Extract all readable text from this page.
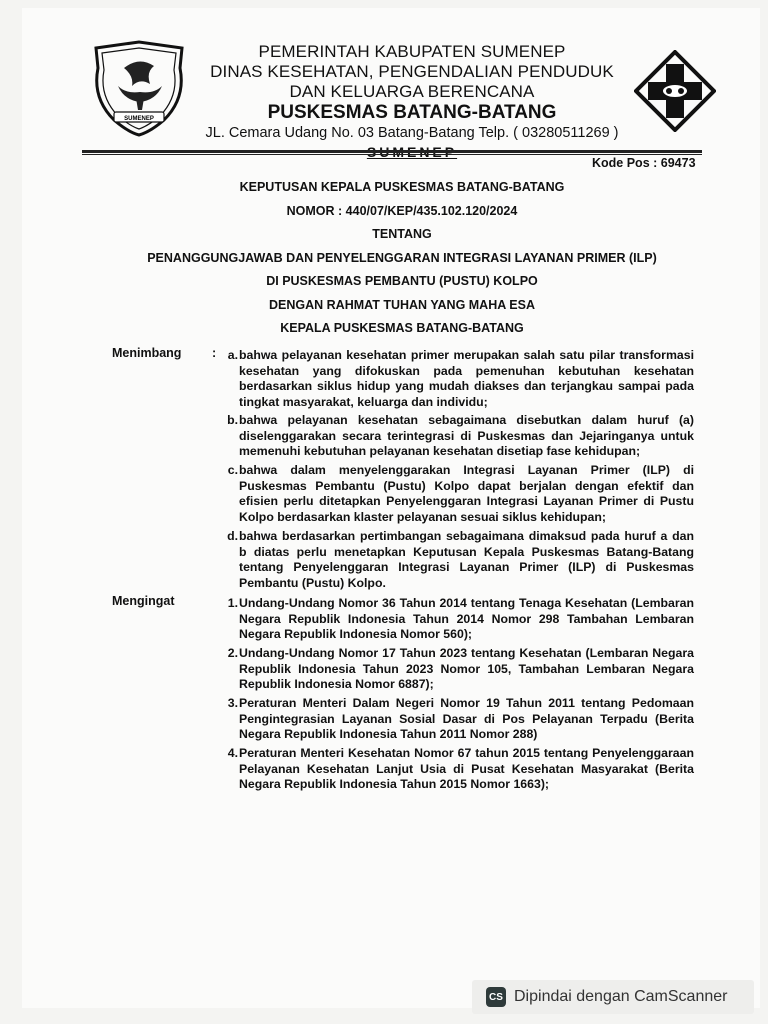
SUMENEP
PEMERINTAH KABUPATEN SUMENEP
DINAS KESEHATAN, PENGENDALIAN PENDUDUK
DAN KELUARGA BERENCANA
PUSKESMAS BATANG-BATANG
JL. Cemara Udang No. 03 Batang-Batang Telp. ( 03280511269 )
SUMENEP
Kode Pos : 69473
KEPUTUSAN KEPALA PUSKESMAS BATANG-BATANG
NOMOR : 440/07/KEP/435.102.120/2024
TENTANG
PENANGGUNGJAWAB DAN PENYELENGGARAN INTEGRASI LAYANAN PRIMER (ILP)
DI PUSKESMAS PEMBANTU (PUSTU) KOLPO
DENGAN RAHMAT TUHAN YANG MAHA ESA
KEPALA PUSKESMAS BATANG-BATANG
Menimbang : a. bahwa pelayanan kesehatan primer merupakan salah satu pilar transformasi kesehatan yang difokuskan pada pemenuhan kebutuhan kesehatan berdasarkan siklus hidup yang mudah diakses dan terjangkau sampai pada tingkat masyarakat, keluarga dan individu;
b. bahwa pelayanan kesehatan sebagaimana disebutkan dalam huruf (a) diselenggarakan secara terintegrasi di Puskesmas dan Jejaringanya untuk memenuhi kebutuhan pelayanan kesehatan disetiap fase kehidupan;
c. bahwa dalam menyelenggarakan Integrasi Layanan Primer (ILP) di Puskesmas Pembantu (Pustu) Kolpo dapat berjalan dengan efektif dan efisien perlu ditetapkan Penyelenggaran Integrasi Layanan Primer di Pustu Kolpo berdasarkan klaster pelayanan sesuai siklus kehidupan;
d. bahwa berdasarkan pertimbangan sebagaimana dimaksud pada huruf a dan b diatas perlu menetapkan Keputusan Kepala Puskesmas Batang-Batang tentang Penyelenggaran Integrasi Layanan Primer (ILP) di Puskesmas Pembantu (Pustu) Kolpo.
Mengingat	1. Undang-Undang Nomor 36 Tahun 2014 tentang Tenaga Kesehatan (Lembaran Negara Republik Indonesia Tahun 2014 Nomor 298 Tambahan Lembaran Negara Republik Indonesia Nomor 560);
2. Undang-Undang Nomor 17 Tahun 2023 tentang Kesehatan (Lembaran Negara Republik Indonesia Tahun 2023 Nomor 105, Tambahan Lembaran Negara Republik Indonesia Nomor 6887);
3. Peraturan Menteri Dalam Negeri Nomor 19 Tahun 2011 tentang Pedomaan Pengintegrasian Layanan Sosial Dasar di Pos Pelayanan Terpadu (Berita Negara Republik Indonesia Tahun 2011 Nomor 288)
4. Peraturan Menteri Kesehatan Nomor 67 tahun 2015 tentang Penyelenggaraan Pelayanan Kesehatan Lanjut Usia di Pusat Kesehatan Masyarakat (Berita Negara Republik Indonesia Tahun 2015 Nomor 1663);
CS Dipindai dengan CamScanner
